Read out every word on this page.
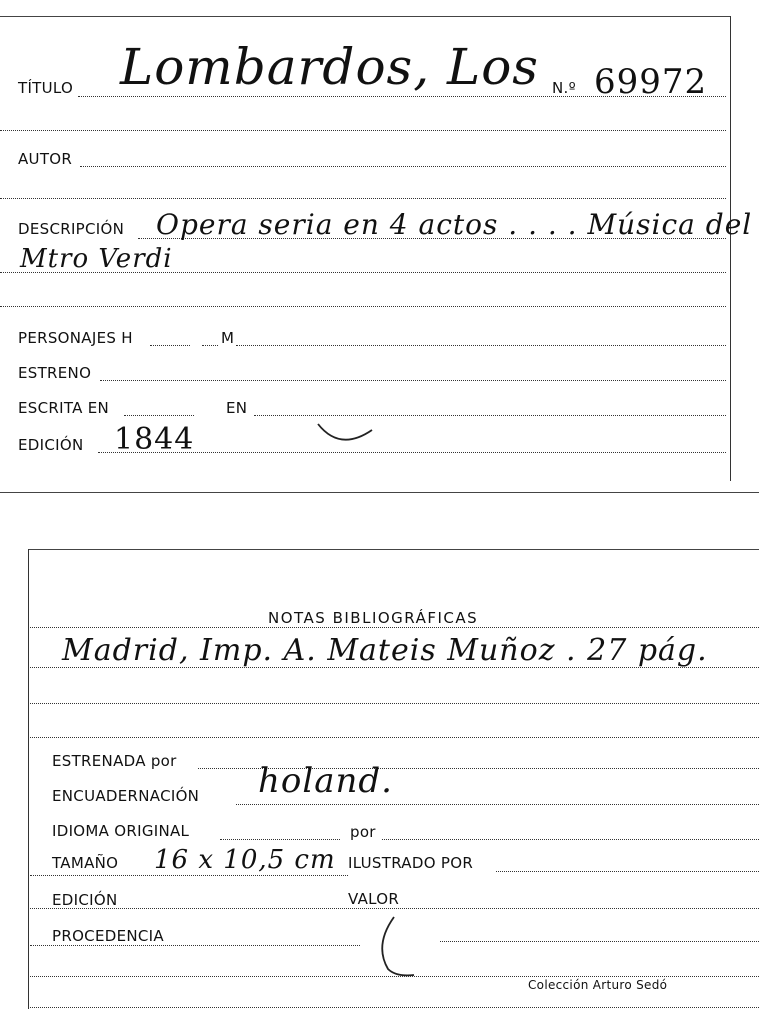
TÍTULO Lombardos, Los N.º 69972
AUTOR
DESCRIPCIÓN Opera seria en 4 actos . . . . Música del
Mtro Verdi
PERSONAJES H	M
ESTRENO
ESCRITA EN	EN
EDICIÓN 1844
NOTAS BIBLIOGRÁFICAS
Madrid, Imp. A. Mateis Muñoz . 27 pág.
ESTRENADA por
ENCUADERNACIÓN holand.
IDIOMA ORIGINAL	por
TAMAÑO 16 x 10,5 cm ILUSTRADO POR
EDICIÓN	VALOR
PROCEDENCIA
Colección Arturo Sedó
